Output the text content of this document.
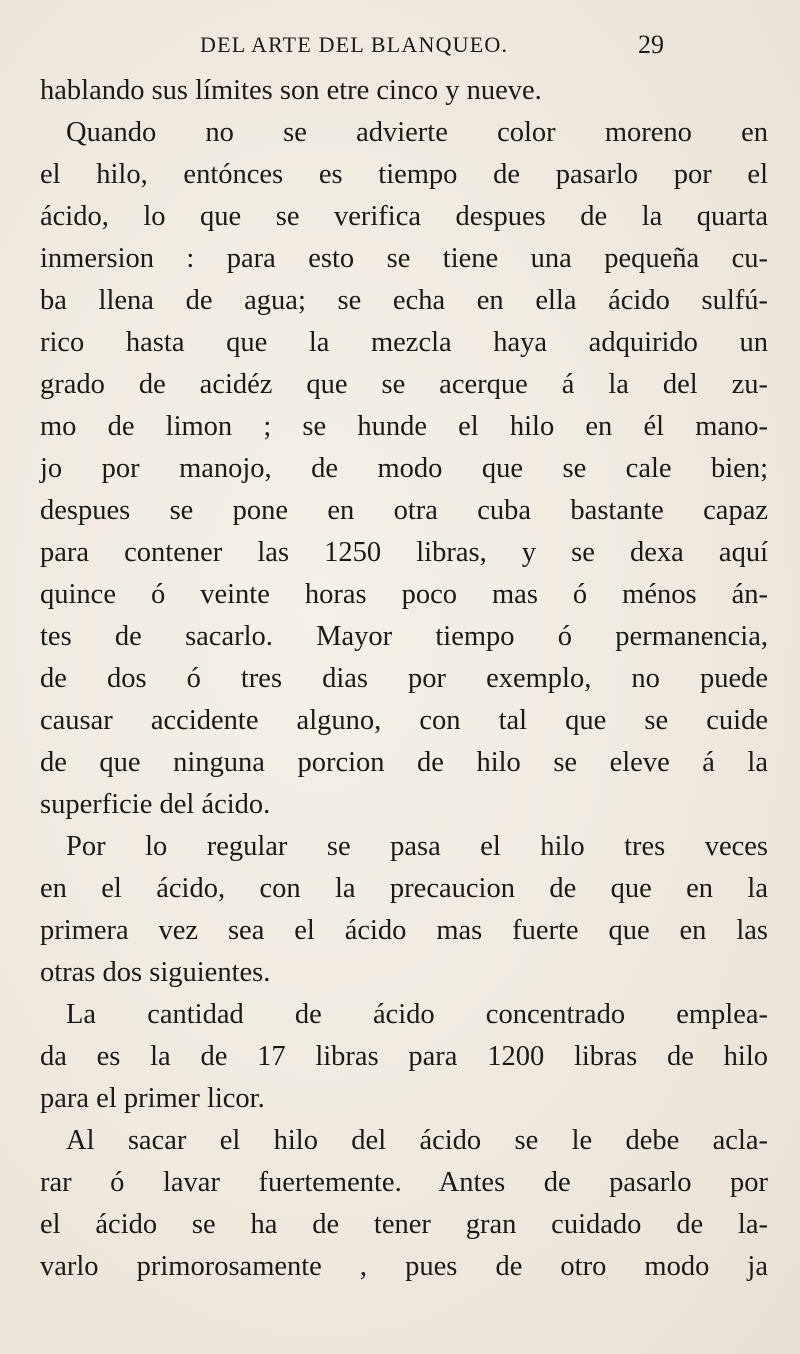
DEL ARTE DEL BLANQUEO.	29
hablando sus límites son etre cinco y nueve.
Quando no se advierte color moreno en
el hilo, entónces es tiempo de pasarlo por el
ácido, lo que se verifica despues de la quarta
inmersion : para esto se tiene una pequeña cu-
ba llena de agua; se echa en ella ácido sulfú-
rico hasta que la mezcla haya adquirido un
grado de acidéz que se acerque á la del zu-
mo de limon ; se hunde el hilo en él mano-
jo por manojo, de modo que se cale bien;
despues se pone en otra cuba bastante capaz
para contener las 1250 libras, y se dexa aquí
quince ó veinte horas poco mas ó ménos án-
tes de sacarlo. Mayor tiempo ó permanencia,
de dos ó tres dias por exemplo, no puede
causar accidente alguno, con tal que se cuide
de que ninguna porcion de hilo se eleve á la
superficie del ácido.
Por lo regular se pasa el hilo tres veces
en el ácido, con la precaucion de que en la
primera vez sea el ácido mas fuerte que en las
otras dos siguientes.
La cantidad de ácido concentrado emplea-
da es la de 17 libras para 1200 libras de hilo
para el primer licor.
Al sacar el hilo del ácido se le debe acla-
rar ó lavar fuertemente. Antes de pasarlo por
el ácido se ha de tener gran cuidado de la-
varlo primorosamente , pues de otro modo ja
